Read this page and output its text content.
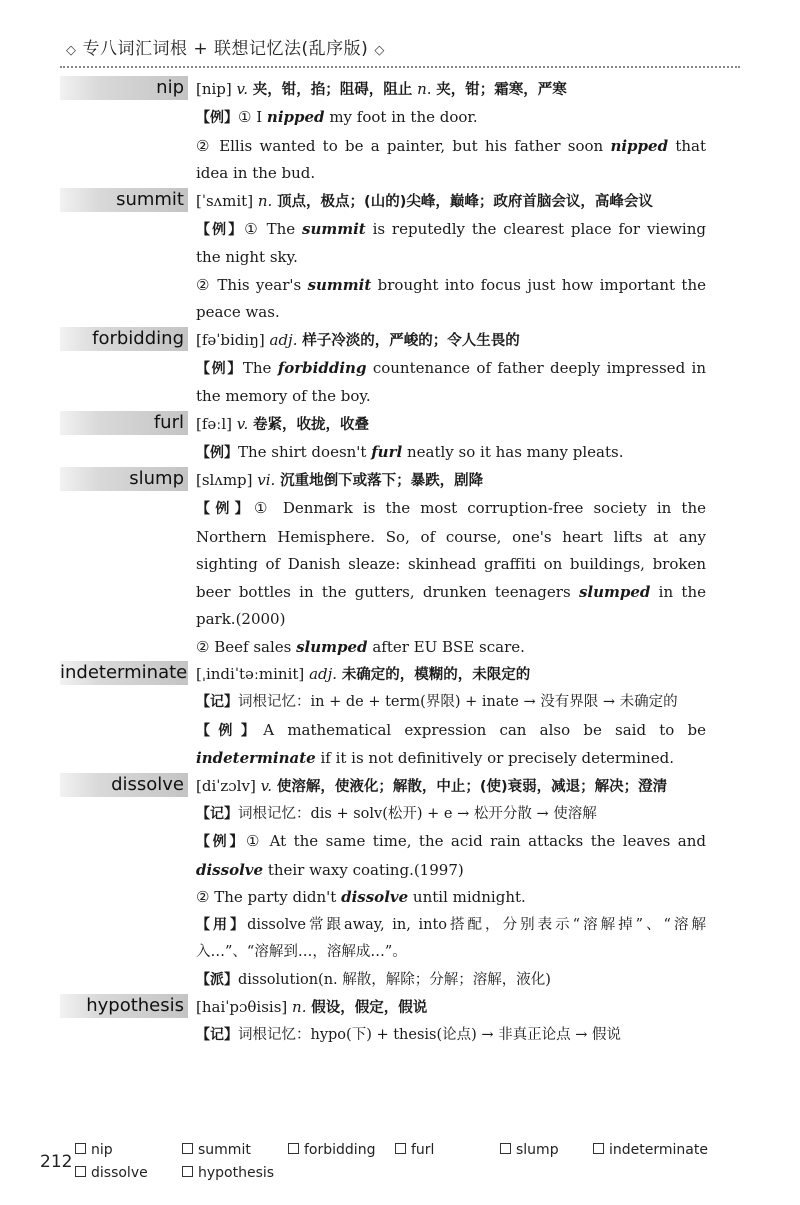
◇ 专八词汇词根 + 联想记忆法(乱序版) ◇
nip [nip] v. 夹，钳，掐；阻碍，阻止 n. 夹，钳；霜寒，严寒
【例】① I nipped my foot in the door.
② Ellis wanted to be a painter, but his father soon nipped that idea in the bud.
summit [ˈsʌmit] n. 顶点，极点；(山的)尖峰，巅峰；政府首脑会议，高峰会议
【例】① The summit is reputedly the clearest place for viewing the night sky.
② This year's summit brought into focus just how important the peace was.
forbidding [fəˈbidiŋ] adj. 样子冷淡的，严峻的；令人生畏的
【例】The forbidding countenance of father deeply impressed in the memory of the boy.
furl [fəːl] v. 卷紧，收拢，收叠
【例】The shirt doesn't furl neatly so it has many pleats.
slump [slʌmp] vi. 沉重地倒下或落下；暴跌，剧降
【例】① Denmark is the most corruption-free society in the Northern Hemisphere. So, of course, one's heart lifts at any sighting of Danish sleaze: skinhead graffiti on buildings, broken beer bottles in the gutters, drunken teenagers slumped in the park.(2000)
② Beef sales slumped after EU BSE scare.
indeterminate [ˌindiˈtəːminit] adj. 未确定的，模糊的，未限定的
【记】词根记忆：in + de + term(界限) + inate → 没有界限 → 未确定的
【例】A mathematical expression can also be said to be indeterminate if it is not definitively or precisely determined.
dissolve [diˈzɔlv] v. 使溶解，使液化；解散，中止；(使)衰弱，减退；解决；澄清
【记】词根记忆：dis + solv(松开) + e → 松开分散 → 使溶解
【例】① At the same time, the acid rain attacks the leaves and dissolve their waxy coating.(1997)
② The party didn't dissolve until midnight.
【用】dissolve常跟away, in, into搭配，分别表示“溶解掉”、“溶解入…”、“溶解到…，溶解成…”。
【派】dissolution(n. 解散，解除；分解；溶解，液化)
hypothesis [haiˈpɔθisis] n. 假设，假定，假说
【记】词根记忆：hypo(下) + thesis(论点) → 非真正论点 → 假说
212
nip	summit	forbidding	furl	slump	indeterminate
dissolve	hypothesis
